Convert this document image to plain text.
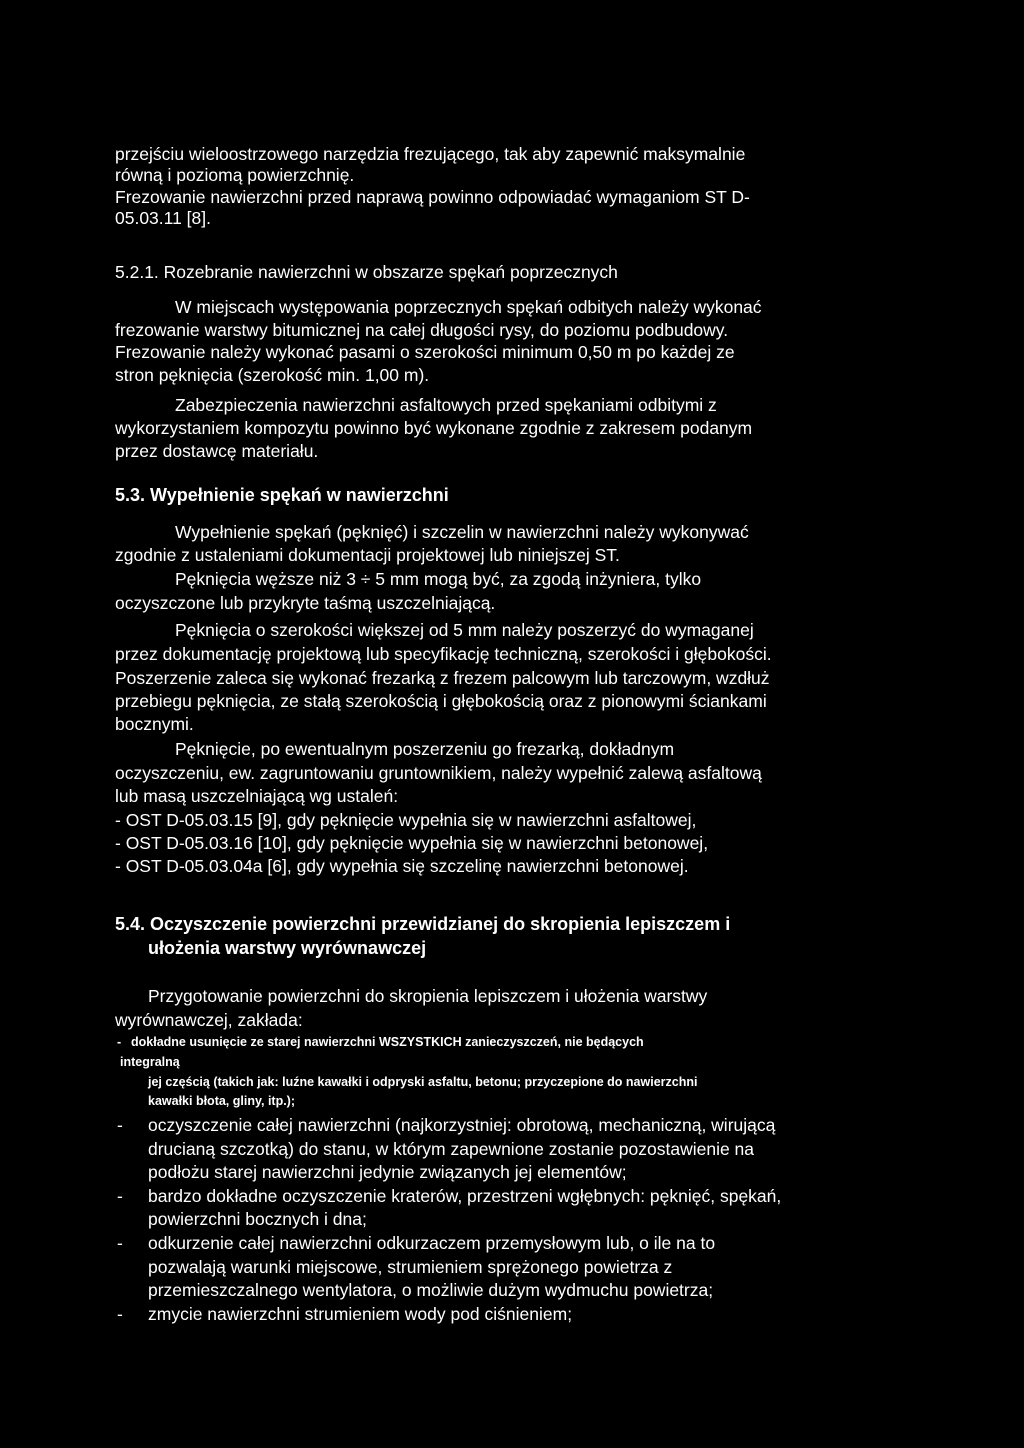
przejściu wieloostrzowego narzędzia frezującego, tak aby zapewnić maksymalnie

równą i poziomą powierzchnię.

Frezowanie nawierzchni przed naprawą powinno odpowiadać wymaganiom ST D-

05.03.11 [8].

5.2.1. Rozebranie nawierzchni w obszarze spękań poprzecznych

W miejscach występowania poprzecznych spękań odbitych należy wykonać

frezowanie warstwy bitumicznej na całej długości rysy, do poziomu podbudowy.

Frezowanie należy wykonać pasami o szerokości minimum 0,50 m po każdej ze

stron pęknięcia (szerokość min. 1,00 m).

Zabezpieczenia nawierzchni asfaltowych przed spękaniami odbitymi z

wykorzystaniem kompozytu powinno być wykonane zgodnie z zakresem podanym

przez dostawcę materiału.

5.3. Wypełnienie spękań w nawierzchni

Wypełnienie spękań (pęknięć) i szczelin w nawierzchni należy wykonywać

zgodnie z ustaleniami dokumentacji projektowej lub niniejszej ST.

Pęknięcia węższe niż 3 ÷ 5 mm mogą być, za zgodą inżyniera, tylko

oczyszczone lub przykryte taśmą uszczelniającą.

Pęknięcia o szerokości większej od 5 mm należy poszerzyć do wymaganej

przez dokumentację projektową lub specyfikację techniczną, szerokości i głębokości.

Poszerzenie zaleca się wykonać frezarką z frezem palcowym lub tarczowym, wzdłuż

przebiegu pęknięcia, ze stałą szerokością i głębokością oraz z pionowymi ściankami

bocznymi.

Pęknięcie, po ewentualnym poszerzeniu go frezarką, dokładnym

oczyszczeniu, ew. zagruntowaniu gruntownikiem, należy wypełnić zalewą asfaltową

lub masą uszczelniającą wg ustaleń:

- OST D-05.03.15 [9], gdy pęknięcie wypełnia się w nawierzchni asfaltowej,

- OST D-05.03.16 [10], gdy pęknięcie wypełnia się w nawierzchni betonowej,

- OST D-05.03.04a [6], gdy wypełnia się szczelinę nawierzchni betonowej.

5.4. Oczyszczenie powierzchni przewidzianej do skropienia lepiszczem i

ułożenia warstwy wyrównawczej

Przygotowanie powierzchni do skropienia lepiszczem i ułożenia warstwy

wyrównawczej, zakłada:

- dokładne usunięcie ze starej nawierzchni WSZYSTKICH zanieczyszczeń, nie będących

integralną

jej częścią (takich jak: luźne kawałki i odpryski asfaltu, betonu; przyczepione do nawierzchni

kawałki błota, gliny, itp.);

- oczyszczenie całej nawierzchni (najkorzystniej: obrotową, mechaniczną, wirującą

drucianą szczotką) do stanu, w którym zapewnione zostanie pozostawienie na

podłożu starej nawierzchni jedynie związanych jej elementów;

- bardzo dokładne oczyszczenie kraterów, przestrzeni wgłębnych: pęknięć, spękań,

powierzchni bocznych i dna;

- odkurzenie całej nawierzchni odkurzaczem przemysłowym lub, o ile na to

pozwalają warunki miejscowe, strumieniem sprężonego powietrza z

przemieszczalnego wentylatora, o możliwie dużym wydmuchu powietrza;

- zmycie nawierzchni strumieniem wody pod ciśnieniem;
